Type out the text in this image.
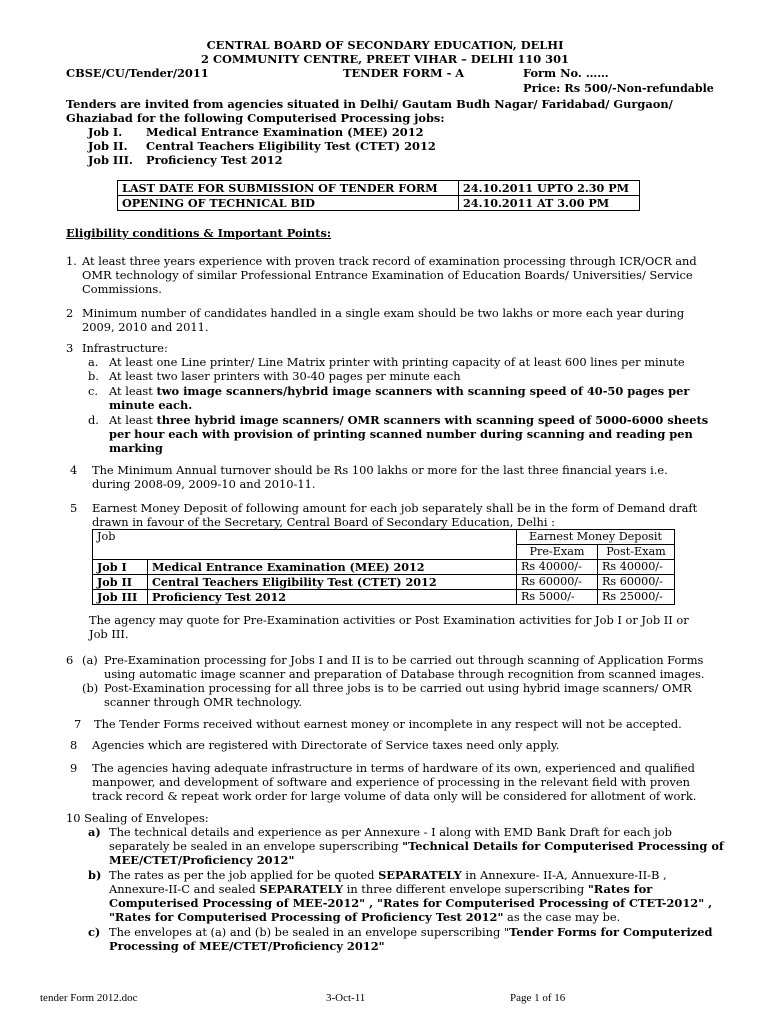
CENTRAL BOARD OF SECONDARY EDUCATION, DELHI
2 COMMUNITY CENTRE, PREET VIHAR – DELHI 110 301
CBSE/CU/Tender/2011	TENDER FORM - A	Form No. ……
Price: Rs 500/-Non-refundable
Tenders are invited from agencies situated in Delhi/ Gautam Budh Nagar/ Faridabad/ Gurgaon/
Ghaziabad for the following Computerised Processing jobs:
Job I. Medical Entrance Examination (MEE) 2012
Job II. Central Teachers Eligibility Test (CTET) 2012
Job III. Proficiency Test 2012
LAST DATE FOR SUBMISSION OF TENDER FORM	24.10.2011 UPTO 2.30 PM
OPENING OF TECHNICAL BID	24.10.2011 AT 3.00 PM
Eligibility conditions & Important Points:
1. At least three years experience with proven track record of examination processing through ICR/OCR and
OMR technology of similar Professional Entrance Examination of Education Boards/ Universities/ Service
Commissions.
2 Minimum number of candidates handled in a single exam should be two lakhs or more each year during
2009, 2010 and 2011.
3 Infrastructure:
a. At least one Line printer/ Line Matrix printer with printing capacity of at least 600 lines per minute
b. At least two laser printers with 30-40 pages per minute each
c. At least two image scanners/hybrid image scanners with scanning speed of 40-50 pages per
minute each.
d. At least three hybrid image scanners/ OMR scanners with scanning speed of 5000-6000 sheets
per hour each with provision of printing scanned number during scanning and reading pen
marking
4 The Minimum Annual turnover should be Rs 100 lakhs or more for the last three financial years i.e.
during 2008-09, 2009-10 and 2010-11.
5 Earnest Money Deposit of following amount for each job separately shall be in the form of Demand draft
drawn in favour of the Secretary, Central Board of Secondary Education, Delhi :
Job		Earnest Money Deposit	
		Pre-Exam	Post-Exam
Job I	Medical Entrance Examination (MEE) 2012	Rs 40000/-	Rs 40000/-
Job II	Central Teachers Eligibility Test (CTET) 2012	Rs 60000/-	Rs 60000/-
Job III	Proficiency Test 2012	Rs 5000/-	Rs 25000/-
The agency may quote for Pre-Examination activities or Post Examination activities for Job I or Job II or
Job III.
6 (a) Pre-Examination processing for Jobs I and II is to be carried out through scanning of Application Forms
using automatic image scanner and preparation of Database through recognition from scanned images.
(b) Post-Examination processing for all three jobs is to be carried out using hybrid image scanners/ OMR
scanner through OMR technology.
7 The Tender Forms received without earnest money or incomplete in any respect will not be accepted.
8 Agencies which are registered with Directorate of Service taxes need only apply.
9 The agencies having adequate infrastructure in terms of hardware of its own, experienced and qualified
manpower, and development of software and experience of processing in the relevant field with proven
track record & repeat work order for large volume of data only will be considered for allotment of work.
10 Sealing of Envelopes:
a) The technical details and experience as per Annexure - I along with EMD Bank Draft for each job
separately be sealed in an envelope superscribing "Technical Details for Computerised Processing of
MEE/CTET/Proficiency 2012"
b) The rates as per the job applied for be quoted SEPARATELY in Annexure- II-A, Annuexure-II-B ,
Annexure-II-C and sealed SEPARATELY in three different envelope superscribing "Rates for
Computerised Processing of MEE-2012" , "Rates for Computerised Processing of CTET-2012" ,
"Rates for Computerised Processing of Proficiency Test 2012" as the case may be.
c) The envelopes at (a) and (b) be sealed in an envelope superscribing "Tender Forms for Computerized
Processing of MEE/CTET/Proficiency 2012"
tender Form 2012.doc	3-Oct-11	Page 1 of 16
